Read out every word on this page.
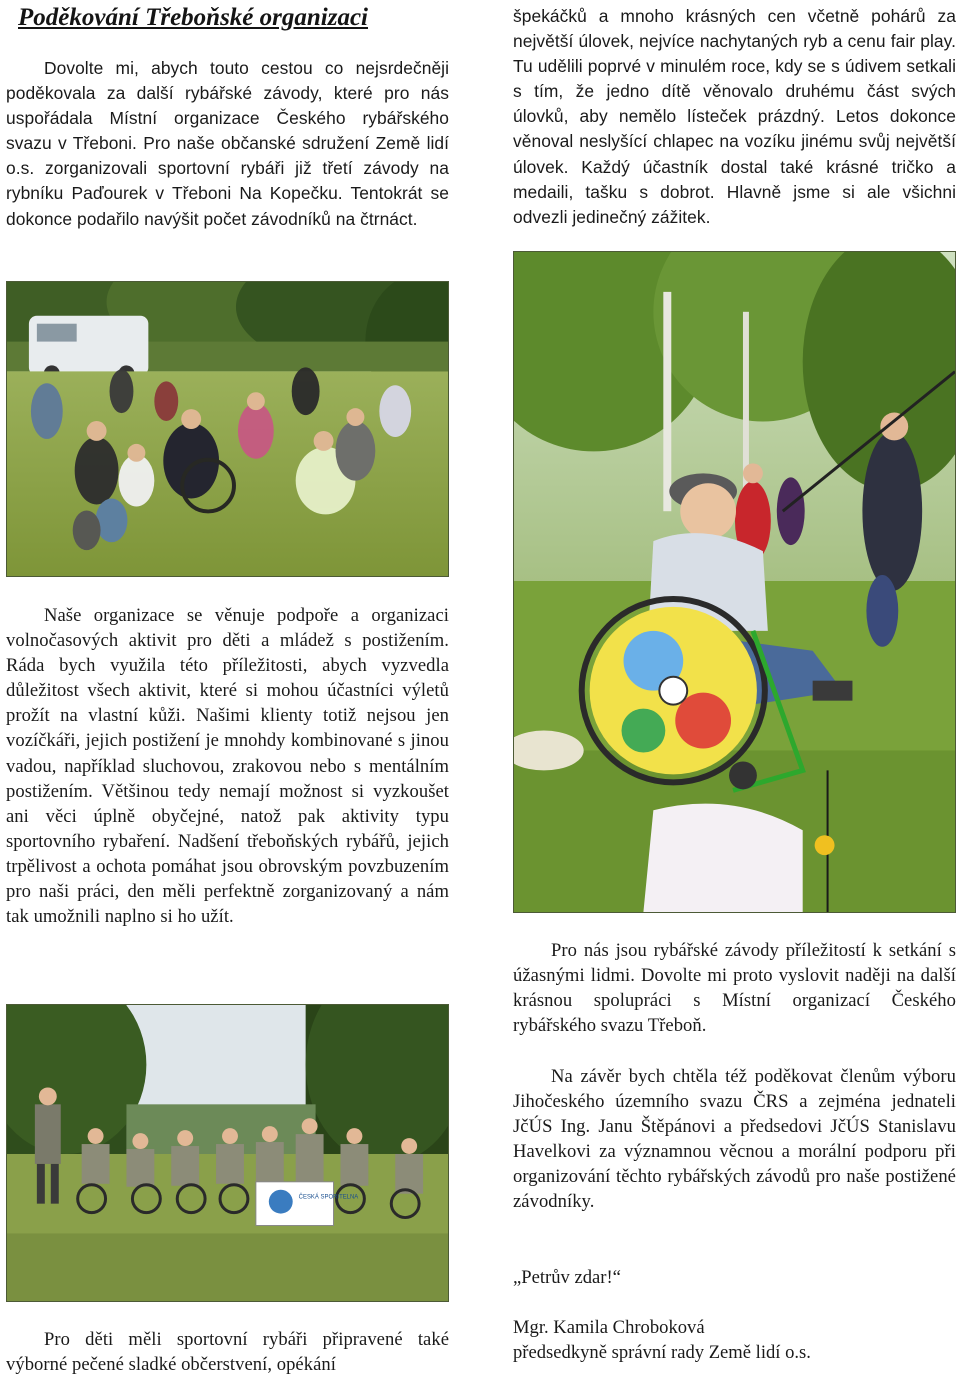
Poděkování Třeboňské organizaci

Dovolte mi, abych touto cestou co nejsrdečněji poděkovala za další rybářské závody, které pro nás uspořádala Místní organizace Českého rybářského svazu v Třeboni. Pro naše občanské sdružení Země lidí o.s. zorganizovali sportovní rybáři již třetí závody na rybníku Paďourek v Třeboni Na Kopečku. Tentokrát se dokonce podařilo navýšit počet závodníků na čtrnáct.

Naše organizace se věnuje podpoře a organizaci volnočasových aktivit pro děti a mládež s postižením. Ráda bych využila této příležitosti, abych vyzvedla důležitost všech aktivit, které si mohou účastníci výletů prožít na vlastní kůži. Našimi klienty totiž nejsou jen vozíčkáři, jejich postižení je mnohdy kombinované s jinou vadou, například sluchovou, zrakovou nebo s mentálním postižením. Většinou tedy nemají možnost si vyzkoušet ani věci úplně obyčejné, natož pak aktivity typu sportovního rybaření. Nadšení třeboňských rybářů, jejich trpělivost a ochota pomáhat jsou obrovským povzbuzením pro naši práci, den měli perfektně zorganizovaný a nám tak umožnili naplno si ho užít.

ČESKÁ SPORITELNA

Pro děti měli sportovní rybáři připravené také výborné pečené sladké občerstvení, opékání

špekáčků a mnoho krásných cen včetně pohárů za největší úlovek, nejvíce nachytaných ryb a cenu fair play. Tu udělili poprvé v minulém roce, kdy se s údivem setkali s tím, že jedno dítě věnovalo druhému část svých úlovků, aby nemělo lísteček prázdný. Letos dokonce věnoval neslyšící chlapec na vozíku jinému svůj největší úlovek. Každý účastník dostal také krásné tričko a medaili, tašku s dobrot. Hlavně jsme si ale všichni odvezli jedinečný zážitek.

Pro nás jsou rybářské závody příležitostí k setkání s úžasnými lidmi. Dovolte mi proto vyslovit naději na další krásnou spolupráci s Místní organizací Českého rybářského svazu Třeboň.

Na závěr bych chtěla též poděkovat členům výboru Jihočeského územního svazu ČRS a zejména jednateli JčÚS Ing. Janu Štěpánovi a předsedovi JčÚS Stanislavu Havelkovi za významnou věcnou a morální podporu při organizování těchto rybářských závodů pro naše postižené závodníky.

„Petrův zdar!“

Mgr. Kamila Chroboková

předsedkyně správní rady Země lidí o.s.
